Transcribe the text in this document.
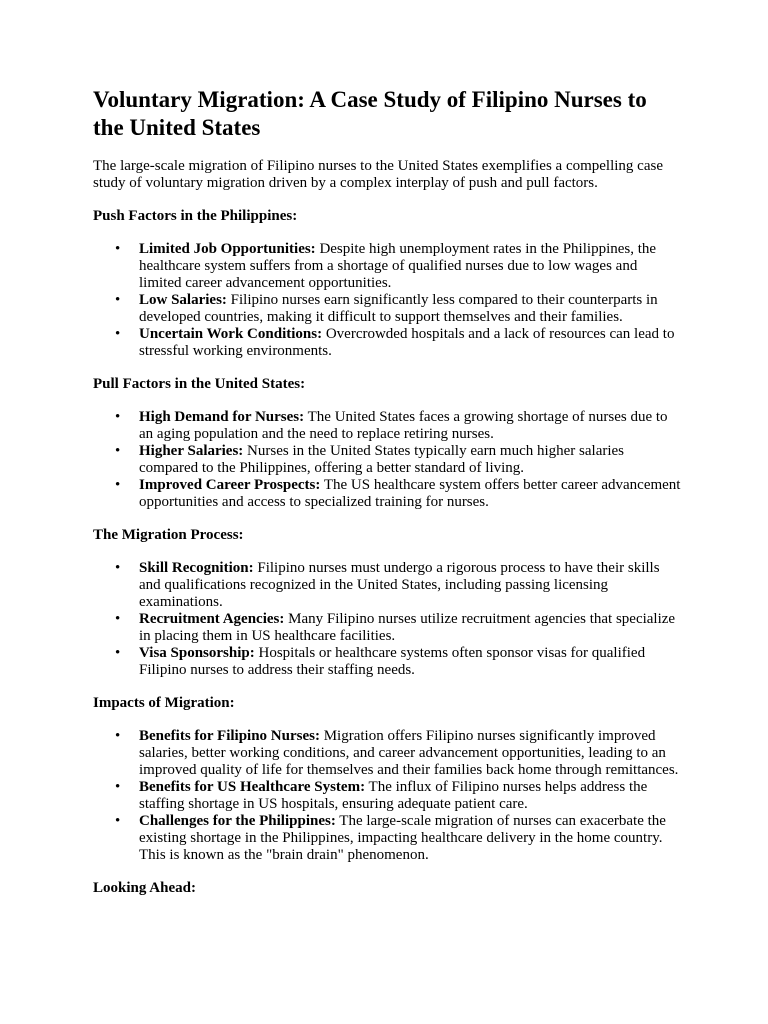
Voluntary Migration: A Case Study of Filipino Nurses to the United States

The large-scale migration of Filipino nurses to the United States exemplifies a compelling case study of voluntary migration driven by a complex interplay of push and pull factors.

Push Factors in the Philippines:
• Limited Job Opportunities: Despite high unemployment rates in the Philippines, the healthcare system suffers from a shortage of qualified nurses due to low wages and limited career advancement opportunities.
• Low Salaries: Filipino nurses earn significantly less compared to their counterparts in developed countries, making it difficult to support themselves and their families.
• Uncertain Work Conditions: Overcrowded hospitals and a lack of resources can lead to stressful working environments.
Pull Factors in the United States:
• High Demand for Nurses: The United States faces a growing shortage of nurses due to an aging population and the need to replace retiring nurses.
• Higher Salaries: Nurses in the United States typically earn much higher salaries compared to the Philippines, offering a better standard of living.
• Improved Career Prospects: The US healthcare system offers better career advancement opportunities and access to specialized training for nurses.
The Migration Process:
• Skill Recognition: Filipino nurses must undergo a rigorous process to have their skills and qualifications recognized in the United States, including passing licensing examinations.
• Recruitment Agencies: Many Filipino nurses utilize recruitment agencies that specialize in placing them in US healthcare facilities.
• Visa Sponsorship: Hospitals or healthcare systems often sponsor visas for qualified Filipino nurses to address their staffing needs.
Impacts of Migration:
• Benefits for Filipino Nurses: Migration offers Filipino nurses significantly improved salaries, better working conditions, and career advancement opportunities, leading to an improved quality of life for themselves and their families back home through remittances.
• Benefits for US Healthcare System: The influx of Filipino nurses helps address the staffing shortage in US hospitals, ensuring adequate patient care.
• Challenges for the Philippines: The large-scale migration of nurses can exacerbate the existing shortage in the Philippines, impacting healthcare delivery in the home country. This is known as the "brain drain" phenomenon.
Looking Ahead:
